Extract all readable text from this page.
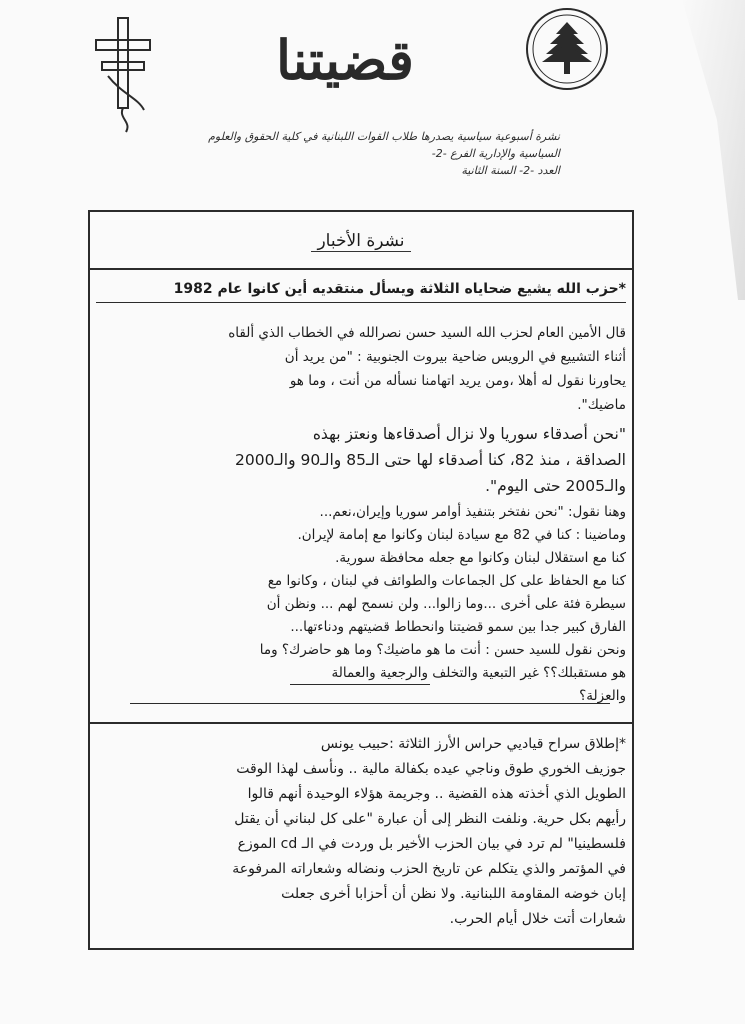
قضيتنا
نشرة أسبوعية سياسية يصدرها طلاب القوات اللبنانية في كلية الحقوق والعلوم
السياسية والإدارية الفرع -2-
العدد -2- السنة الثانية
نشرة الأخبار
*حزب الله يشيع ضحاياه الثلاثة ويسأل منتقديه أين كانوا عام 1982
قال الأمين العام لحزب الله السيد حسن نصرالله في الخطاب الذي ألقاه
أثناء التشييع في الرويس ضاحية بيروت الجنوبية : "من يريد أن
يحاورنا نقول له أهلا ،ومن يريد اتهامنا نسأله من أنت ، وما هو
ماضيك".
"نحن أصدقاء سوريا ولا نزال أصدقاءها ونعتز بهذه
الصداقة ، منذ 82، كنا أصدقاء لها حتى الـ85 والـ90 والـ2000
والـ2005 حتى اليوم".
وهنا نقول: "نحن نفتخر بتنفيذ أوامر سوريا وإيران،نعم...
وماضينا : كنا في 82 مع سيادة لبنان وكانوا مع إمامة لإيران.
كنا مع استقلال لبنان وكانوا مع جعله محافظة سورية.
كنا مع الحفاظ على كل الجماعات والطوائف في لبنان ، وكانوا مع
سيطرة فئة على أخرى ...وما زالوا... ولن نسمح لهم ... ونظن أن
الفارق كبير جدا بين سمو قضيتنا وانحطاط قضيتهم ودناءتها...
ونحن نقول للسيد حسن : أنت ما هو ماضيك؟ وما هو حاضرك؟ وما
هو مستقبلك؟؟ غير التبعية والتخلف والرجعية والعمالة
والعزلة؟
*إطلاق سراح قياديي حراس الأرز الثلاثة :حبيب يونس
جوزيف الخوري طوق وناجي عيده بكفالة مالية .. ونأسف لهذا الوقت
الطويل الذي أخذته هذه القضية .. وجريمة هؤلاء الوحيدة أنهم قالوا
رأيهم بكل حرية. ونلفت النظر إلى أن عبارة "على كل لبناني أن يقتل
فلسطينيا" لم ترد في بيان الحزب الأخير بل وردت في الـ cd الموزع
في المؤتمر والذي يتكلم عن تاريخ الحزب ونضاله وشعاراته المرفوعة
إبان خوضه المقاومة اللبنانية. ولا نظن أن أحزابا أخرى جعلت
شعارات أتت خلال أيام الحرب.
